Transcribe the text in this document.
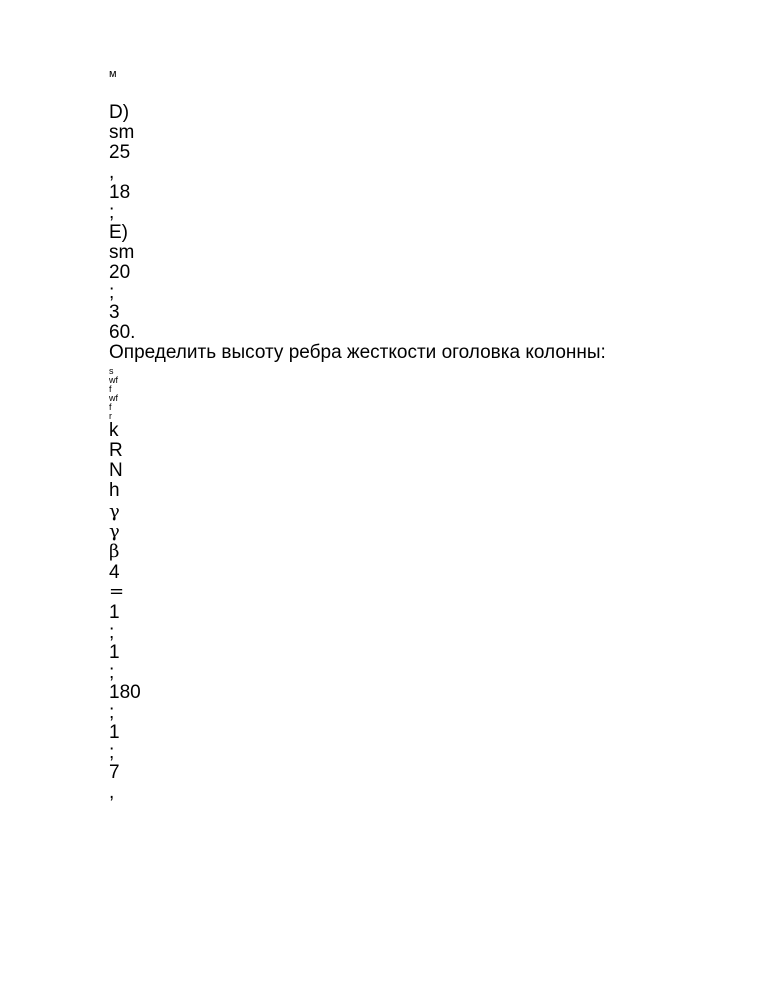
м
D)
sm
25
,
18
;
E)
sm
20
;
3
60.
Определить высоту ребра жесткости оголовка колонны:
s
wf
f
wf
f
r
k
R
N
h
γ
γ
β
4
=
1
;
1
;
180
;
1
;
7
,
